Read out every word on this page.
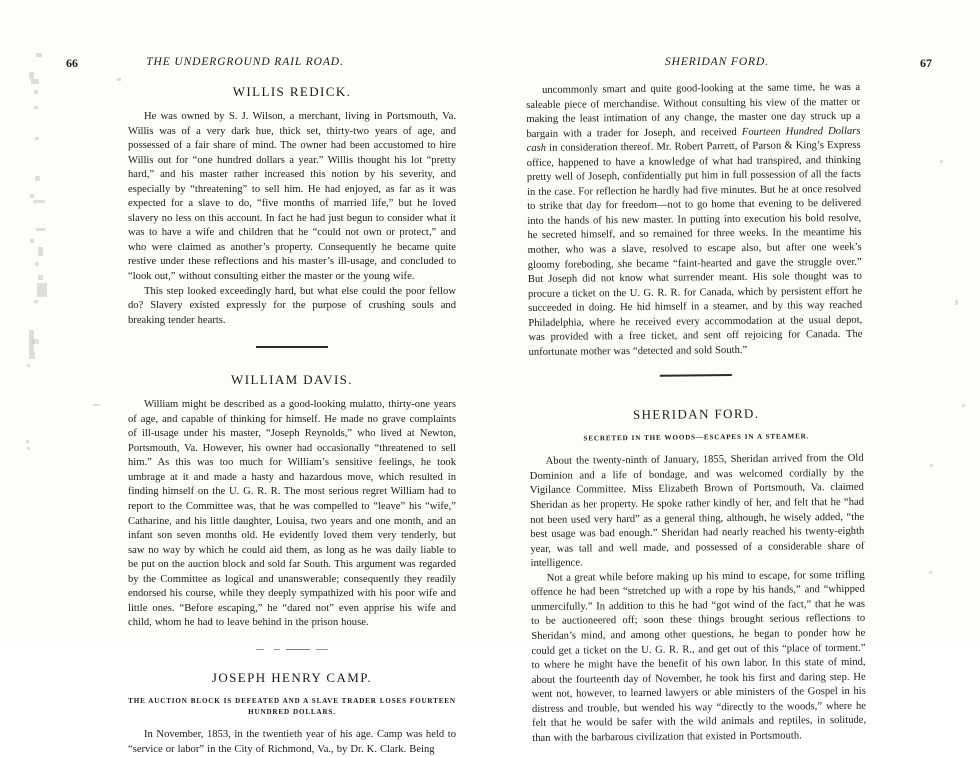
THE UNDERGROUND RAIL ROAD.
66
WILLIS REDICK.

He was owned by S. J. Wilson, a merchant, living in Portsmouth, Va. Willis was of a very dark hue, thick set, thirty-two years of age, and possessed of a fair share of mind. The owner had been accustomed to hire Willis out for “one hundred dollars a year.” Willis thought his lot “pretty hard,” and his master rather increased this notion by his severity, and especially by “threatening” to sell him. He had enjoyed, as far as it was expected for a slave to do, “five months of married life,” but he loved slavery no less on this account. In fact he had just begun to consider what it was to have a wife and children that he “could not own or protect,” and who were claimed as another’s property. Consequently he became quite restive under these reflections and his master’s ill-usage, and concluded to “look out,” without consulting either the master or the young wife.

This step looked exceedingly hard, but what else could the poor fellow do? Slavery existed expressly for the purpose of crushing souls and breaking tender hearts.

WILLIAM DAVIS.

William might be described as a good-looking mulatto, thirty-one years of age, and capable of thinking for himself. He made no grave complaints of ill-usage under his master, “Joseph Reynolds,” who lived at Newton, Portsmouth, Va. However, his owner had occasionally “threatened to sell him.” As this was too much for William’s sensitive feelings, he took umbrage at it and made a hasty and hazardous move, which resulted in finding himself on the U. G. R. R. The most serious regret William had to report to the Committee was, that he was compelled to “leave” his “wife,” Catharine, and his little daughter, Louisa, two years and one month, and an infant son seven months old. He evidently loved them very tenderly, but saw no way by which he could aid them, as long as he was daily liable to be put on the auction block and sold far South. This argument was regarded by the Committee as logical and unanswerable; consequently they readily endorsed his course, while they deeply sympathized with his poor wife and little ones. “Before escaping,” he “dared not” even apprise his wife and child, whom he had to leave behind in the prison house.

JOSEPH HENRY CAMP.

THE AUCTION BLOCK IS DEFEATED AND A SLAVE TRADER LOSES FOURTEEN HUNDRED DOLLARS.

In November, 1853, in the twentieth year of his age. Camp was held to “service or labor” in the City of Richmond, Va., by Dr. K. Clark. Being

SHERIDAN FORD.	67

uncommonly smart and quite good-looking at the same time, he was a saleable piece of merchandise. Without consulting his view of the matter or making the least intimation of any change, the master one day struck up a bargain with a trader for Joseph, and received Fourteen Hundred Dollars cash in consideration thereof. Mr. Robert Parrett, of Parson & King’s Express office, happened to have a knowledge of what had transpired, and thinking pretty well of Joseph, confidentially put him in full possession of all the facts in the case. For reflection he hardly had five minutes. But he at once resolved to strike that day for freedom—not to go home that evening to be delivered into the hands of his new master. In putting into execution his bold resolve, he secreted himself, and so remained for three weeks. In the meantime his mother, who was a slave, resolved to escape also, but after one week’s gloomy foreboding, she became “faint-hearted and gave the struggle over.” But Joseph did not know what surrender meant. His sole thought was to procure a ticket on the U. G. R. R. for Canada, which by persistent effort he succeeded in doing. He hid himself in a steamer, and by this way reached Philadelphia, where he received every accommodation at the usual depot, was provided with a free ticket, and sent off rejoicing for Canada. The unfortunate mother was “detected and sold South.”

SHERIDAN FORD.

SECRETED IN THE WOODS—ESCAPES IN A STEAMER.

About the twenty-ninth of January, 1855, Sheridan arrived from the Old Dominion and a life of bondage, and was welcomed cordially by the Vigilance Committee. Miss Elizabeth Brown of Portsmouth, Va. claimed Sheridan as her property. He spoke rather kindly of her, and felt that he “had not been used very hard” as a general thing, although, he wisely added, “the best usage was bad enough.” Sheridan had nearly reached his twenty-eighth year, was tall and well made, and possessed of a considerable share of intelligence.

Not a great while before making up his mind to escape, for some trifling offence he had been “stretched up with a rope by his hands,” and “whipped unmercifully.” In addition to this he had “got wind of the fact,” that he was to be auctioneered off; soon these things brought serious reflections to Sheridan’s mind, and among other questions, he began to ponder how he could get a ticket on the U. G. R. R., and get out of this “place of torment.” to where he might have the benefit of his own labor. In this state of mind, about the fourteenth day of November, he took his first and daring step. He went not, however, to learned lawyers or able ministers of the Gospel in his distress and trouble, but wended his way “directly to the woods,” where he felt that he would be safer with the wild animals and reptiles, in solitude, than with the barbarous civilization that existed in Portsmouth.
